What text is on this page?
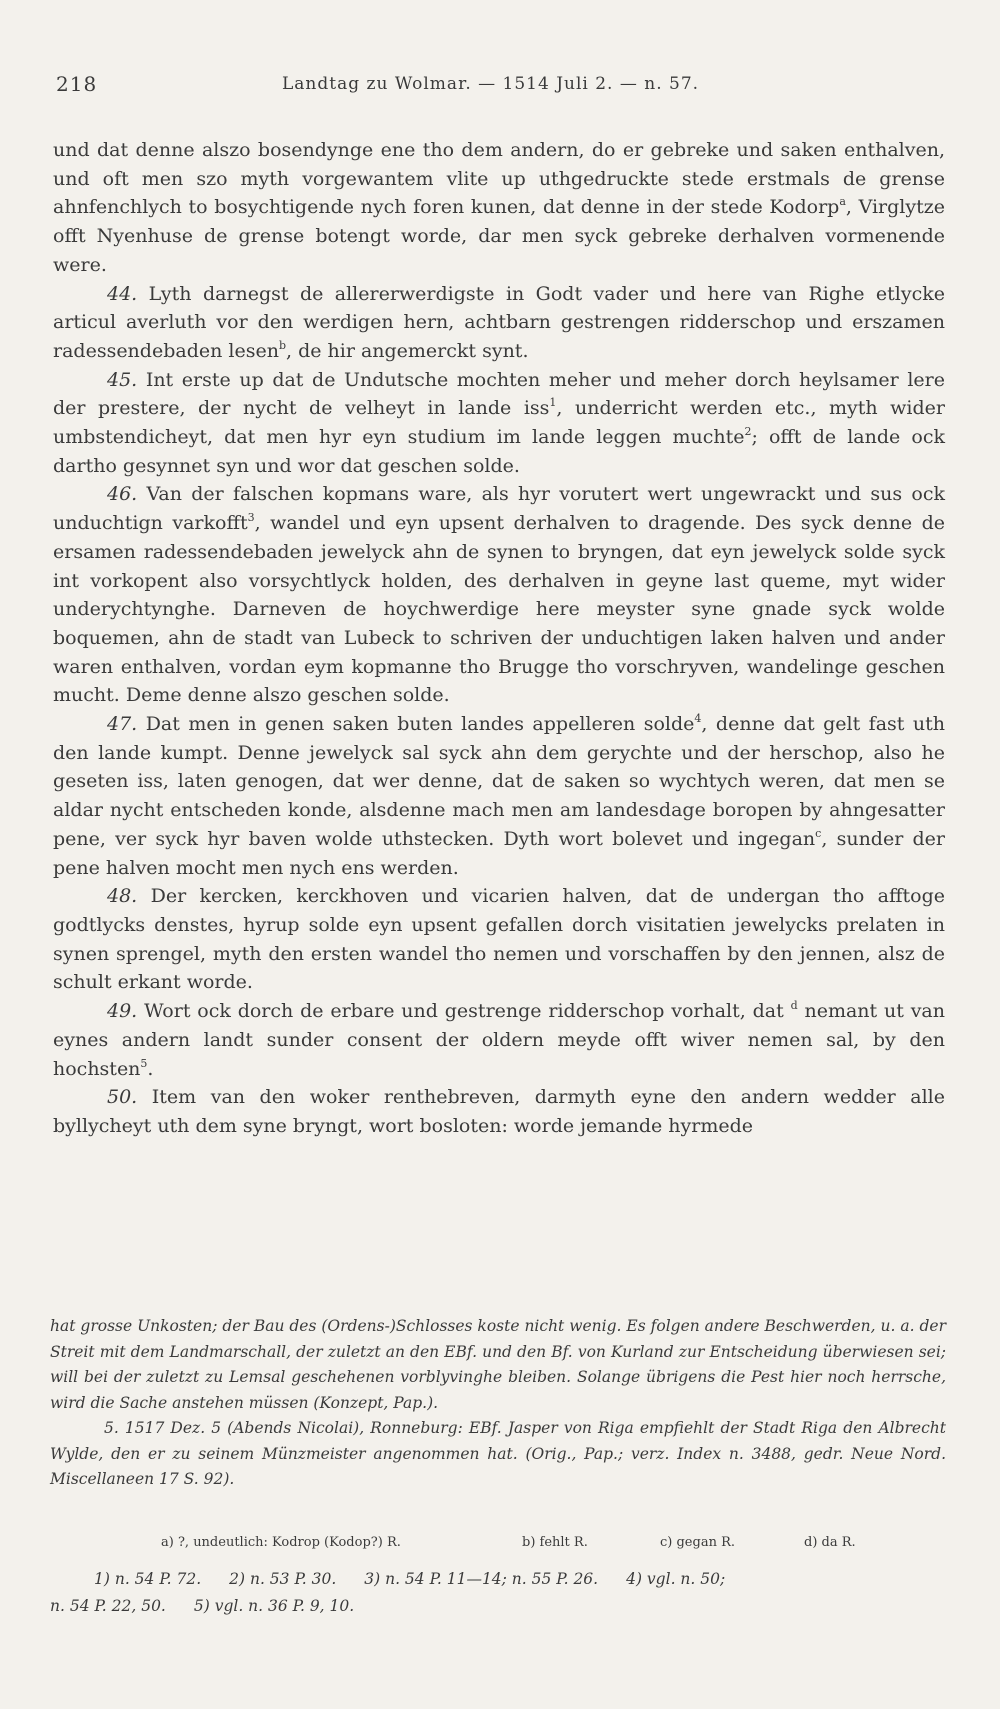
218	Landtag zu Wolmar. — 1514 Juli 2. — n. 57.

und dat denne alszo bosendynge ene tho dem andern, do er gebreke und saken enthalven, und oft men szo myth vorgewantem vlite up uthgedruckte stede erstmals de grense ahnfenchlych to bosychtigende nych foren kunen, dat denne in der stede Kodorp$^a$, Virglytze offt Nyenhuse de grense botengt worde, dar men syck gebreke derhalven vormenende were.

44. Lyth darnegst de allererwerdigste in Godt vader und here van Righe etlycke articul averluth vor den werdigen hern, achtbarn gestrengen ridderschop und erszamen radessendebaden lesen$^b$, de hir angemerckt synt.

45. Int erste up dat de Undutsche mochten meher und meher dorch heylsamer lere der prestere, der nycht de velheyt in lande iss$^1$, underricht werden etc., myth wider umbstendicheyt, dat men hyr eyn studium im lande leggen muchte$^2$; offt de lande ock dartho gesynnet syn und wor dat geschen solde.

46. Van der falschen kopmans ware, als hyr vorutert wert ungewrackt und sus ock unduchtign varkofft$^3$, wandel und eyn upsent derhalven to dragende. Des syck denne de ersamen radessendebaden jewelyck ahn de synen to bryngen, dat eyn jewelyck solde syck int vorkopent also vorsychtlyck holden, des derhalven in geyne last queme, myt wider underychtynghe. Darneven de hoychwerdige here meyster syne gnade syck wolde boquemen, ahn de stadt van Lubeck to schriven der unduchtigen laken halven und ander waren enthalven, vordan eym kopmanne tho Brugge tho vorschryven, wandelinge geschen mucht. Deme denne alszo geschen solde.

47. Dat men in genen saken buten landes appelleren solde$^4$, denne dat gelt fast uth den lande kumpt. Denne jewelyck sal syck ahn dem gerychte und der herschop, also he geseten iss, laten genogen, dat wer denne, dat de saken so wychtych weren, dat men se aldar nycht entscheden konde, alsdenne mach men am landesdage boropen by ahngesatter pene, ver syck hyr baven wolde uthstecken. Dyth wort bolevet und ingegan$^c$, sunder der pene halven mocht men nych ens werden.

48. Der kercken, kerckhoven und vicarien halven, dat de undergan tho afftoge godtlycks denstes, hyrup solde eyn upsent gefallen dorch visitatien jewelycks prelaten in synen sprengel, myth den ersten wandel tho nemen und vorschaffen by den jennen, alsz de schult erkant worde.

49. Wort ock dorch de erbare und gestrenge ridderschop vorhalt, dat $^d$ nemant ut van eynes andern landt sunder consent der oldern meyde offt wiver nemen sal, by den hochsten$^5$.

50. Item van den woker renthebreven, darmyth eyne den andern wedder alle byllycheyt uth dem syne bryngt, wort bosloten: worde jemande hyrmede

hat grosse Unkosten; der Bau des (Ordens-)Schlosses koste nicht wenig. Es folgen andere Beschwerden, u. a. der Streit mit dem Landmarschall, der zuletzt an den EBf. und den Bf. von Kurland zur Entscheidung überwiesen sei; will bei der zuletzt zu Lemsal geschehenen vorblyvinghe bleiben. Solange übrigens die Pest hier noch herrsche, wird die Sache anstehen müssen (Konzept, Pap.).

5. 1517 Dez. 5 (Abends Nicolai), Ronneburg: EBf. Jasper von Riga empfiehlt der Stadt Riga den Albrecht Wylde, den er zu seinem Münzmeister angenommen hat. (Orig., Pap.; verz. Index n. 3488, gedr. Neue Nord. Miscellaneen 17 S. 92).

a) ?, undeutlich: Kodrop (Kodop?) R.	b) fehlt R.	c) gegan R.	d) da R.

1) n. 54 P. 72. 2) n. 53 P. 30. 3) n. 54 P. 11—14; n. 55 P. 26. 4) vgl. n. 50;

n. 54 P. 22, 50. 5) vgl. n. 36 P. 9, 10.
